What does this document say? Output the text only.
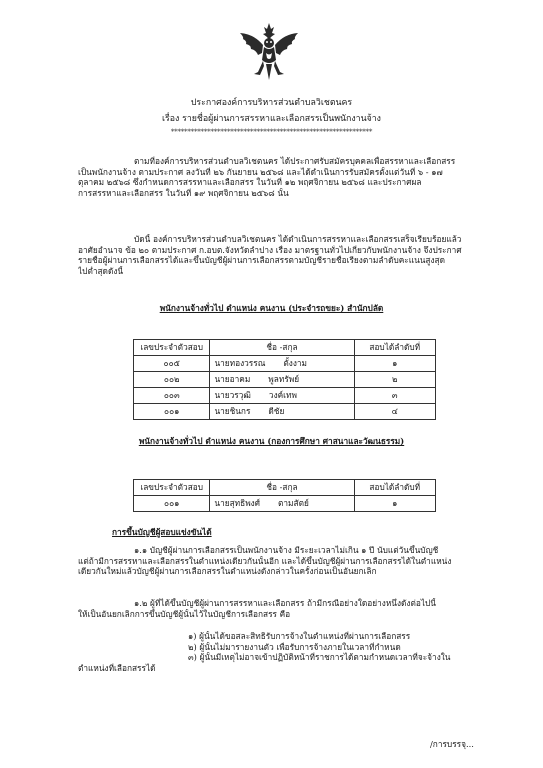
ประกาศองค์การบริหารส่วนตำบลวิเชตนคร
เรื่อง รายชื่อผู้ผ่านการสรรหาและเลือกสรรเป็นพนักงานจ้าง
*************************************************************
ตามที่องค์การบริหารส่วนตำบลวิเชตนคร ได้ประกาศรับสมัครบุคคลเพื่อสรรหาและเลือกสรร
เป็นพนักงานจ้าง ตามประกาศ ลงวันที่ ๒๖ กันยายน ๒๕๖๘ และได้ดำเนินการรับสมัครตั้งแต่วันที่ ๖ - ๑๗
ตุลาคม ๒๕๖๘ ซึ่งกำหนดการสรรหาและเลือกสรร ในวันที่ ๑๒ พฤศจิกายน ๒๕๖๘ และประกาศผล
การสรรหาและเลือกสรร ในวันที่ ๑๙ พฤศจิกายน ๒๕๖๘ นั้น
บัดนี้ องค์การบริหารส่วนตำบลวิเชตนคร ได้ดำเนินการสรรหาและเลือกสรรเสร็จเรียบร้อยแล้ว
อาศัยอำนาจ ข้อ ๒๐ ตามประกาศ ก.อบต.จังหวัดลำปาง เรื่อง มาตรฐานทั่วไปเกี่ยวกับพนักงานจ้าง จึงประกาศ
รายชื่อผู้ผ่านการเลือกสรรได้และขึ้นบัญชีผู้ผ่านการเลือกสรรตามบัญชีรายชื่อเรียงตามลำดับคะแนนสูงสุด
ไปต่ำสุดดังนี้
พนักงานจ้างทั่วไป ตำแหน่ง คนงาน (ประจำรถขยะ) สำนักปลัด
เลขประจำตัวสอบ	ชื่อ -สกุล	สอบได้ลำดับที่
๐๐๕	นายทองวรรณ ตั้งงาม	๑
๐๐๒	นายอาคม พูลทรัพย์	๒
๐๐๓	นายวรวุฒิ วงค์เทพ	๓
๐๐๑	นายชินกร ดีชัย	๔
พนักงานจ้างทั่วไป ตำแหน่ง คนงาน (กองการศึกษา ศาสนาและวัฒนธรรม)
เลขประจำตัวสอบ	ชื่อ -สกุล	สอบได้ลำดับที่
๐๐๑	นายสุทธิพงศ์ ตามสัตย์	๑
การขึ้นบัญชีผู้สอบแข่งขันได้
๑.๑ บัญชีผู้ผ่านการเลือกสรรเป็นพนักงานจ้าง มีระยะเวลาไม่เกิน ๑ ปี นับแต่วันขึ้นบัญชี
แต่ถ้ามีการสรรหาและเลือกสรรในตำแหน่งเดียวกันนั้นอีก และได้ขึ้นบัญชีผู้ผ่านการเลือกสรรได้ในตำแหน่ง
เดียวกันใหม่แล้วบัญชีผู้ผ่านการเลือกสรรในตำแหน่งดังกล่าวในครั้งก่อนเป็นอันยกเลิก
๑.๒ ผู้ที่ได้ขึ้นบัญชีผู้ผ่านการสรรหาและเลือกสรร ถ้ามีกรณีอย่างใดอย่างหนึ่งดังต่อไปนี้
ให้เป็นอันยกเลิกการขึ้นบัญชีผู้นั้นไว้ในบัญชีการเลือกสรร คือ
๑) ผู้นั้นได้ขอสละสิทธิรับการจ้างในตำแหน่งที่ผ่านการเลือกสรร
๒) ผู้นั้นไม่มารายงานตัว เพื่อรับการจ้างภายในเวลาที่กำหนด
๓) ผู้นั้นมีเหตุไม่อาจเข้าปฏิบัติหน้าที่ราชการได้ตามกำหนดเวลาที่จะจ้างใน
ตำแหน่งที่เลือกสรรได้
/การบรรจุ...
